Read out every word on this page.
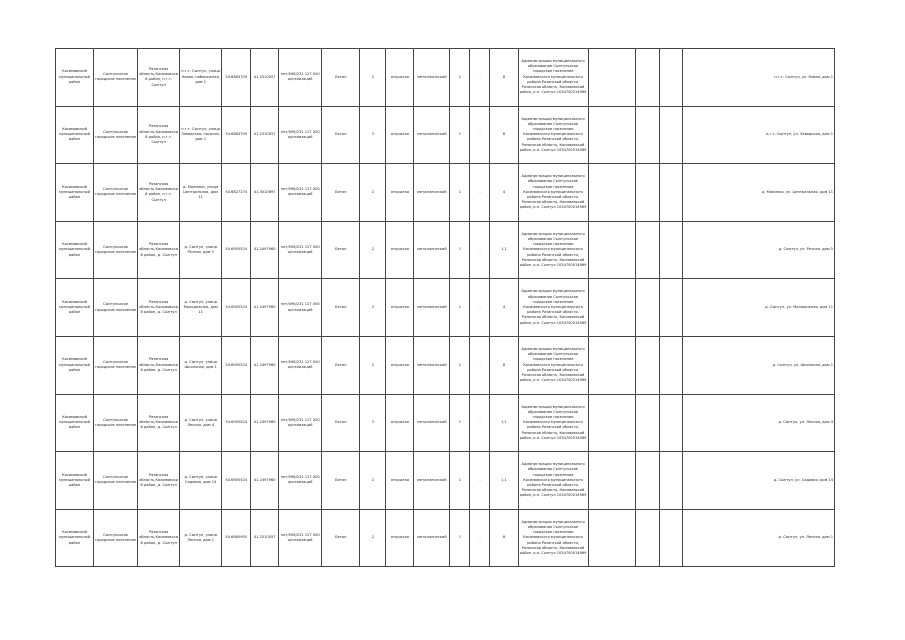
Касимовский муниципальный район	Сынтульское городское поселение	Рязанская область,Касимовский район, п.г.т. Сынтул	п.г.т. Сынтул, улица Новая, набережная, дом 1	54.6863709	41.2510057	нет/096/231 127 000 организаций	Бетон	2	открытая	металлический	1	-	8	Администрация муниципального образования Сынтульское городское поселение Касимовского муниципального района Рязанской области, Рязанская область, Касимовский район, р.п. Сынтул 1034700014969				п.г.т. Сынтул, ул. Новая, дом 1
Касимовский муниципальный район	Сынтульское городское поселение	Рязанская область,Касимовский район, п.г.т. Сынтул	п.г.т. Сынтул, улица Заводская, поселок, дом 1	54.6863709	41.2510057	нет/096/231 127 000 организаций	Бетон	2	открытая	металлический	1	-	8	Администрация муниципального образования Сынтульское городское поселение Касимовского муниципального района Рязанской области, Рязанская область, Касимовский район, р.п. Сынтул 1034700014969				п.г.т. Сынтул, ул. Заводская, дом 1
Касимовский муниципальный район	Сынтульское городское поселение	Рязанская область,Касимовский район, п.г.т. Сынтул	д. Малинки, улица Центральная, дом 11	54.6827274	41.3010897	нет/096/231 127 000 организаций	Бетон	2	открытая	металлический	1	-	4	Администрация муниципального образования Сынтульское городское поселение Касимовского муниципального района Рязанской области, Рязанская область, Касимовский район, р.п. Сынтул 1034700014969				д. Малинки, ул. Центральная, дом 11
Касимовский муниципальный район	Сынтульское городское поселение	Рязанская область,Касимовский район, д. Сынтул	д. Сынтул, улица Речная, дом 5	54.6905524	41.2497960	нет/096/231 127 000 организаций	Бетон	2	открытая	металлический	1	-	1,1	Администрация муниципального образования Сынтульское городское поселение Касимовского муниципального района Рязанской области, Рязанская область, Касимовский район, р.п. Сынтул 1034700014969				д. Сынтул, ул. Речная, дом 5
Касимовский муниципальный район	Сынтульское городское поселение	Рязанская область,Касимовский район, д. Сынтул	д. Сынтул, улица Молодежная, дом 11	54.6905524	41.2497960	нет/096/231 127 000 организаций	Бетон	2	открытая	металлический	1	-	4	Администрация муниципального образования Сынтульское городское поселение Касимовского муниципального района Рязанской области, Рязанская область, Касимовский район, р.п. Сынтул 1034700014969				д. Сынтул, ул. Молодежная, дом 11
Касимовский муниципальный район	Сынтульское городское поселение	Рязанская область,Касимовский район, д. Сынтул	д. Сынтул, улица Школьная, дом 1	54.6905524	41.2497960	нет/096/231 127 000 организаций	Бетон	2	открытая	металлический	1	-	8	Администрация муниципального образования Сынтульское городское поселение Касимовского муниципального района Рязанской области, Рязанская область, Касимовский район, р.п. Сынтул 1034700014969				д. Сынтул, ул. Школьная, дом 1
Касимовский муниципальный район	Сынтульское городское поселение	Рязанская область,Касимовский район, д. Сынтул	д. Сынтул, улица Лесная, дом 4	54.6905524	41.2497960	нет/096/231 127 000 организаций	Бетон	2	открытая	металлический	1	-	1,1	Администрация муниципального образования Сынтульское городское поселение Касимовского муниципального района Рязанской области, Рязанская область, Касимовский район, р.п. Сынтул 1034700014969				д. Сынтул, ул. Лесная, дом 4
Касимовский муниципальный район	Сынтульское городское поселение	Рязанская область,Касимовский район, д. Сынтул	д. Сынтул, улица Садовая, дом 14	54.6905524	41.2497960	нет/096/231 127 000 организаций	Бетон	2	открытая	металлический	1	-	1,1	Администрация муниципального образования Сынтульское городское поселение Касимовского муниципального района Рязанской области, Рязанская область, Касимовский район, р.п. Сынтул 1034700014969				д. Сынтул, ул. Садовая, дом 14
Касимовский муниципальный район	Сынтульское городское поселение	Рязанская область,Касимовский район, д. Сынтул	д. Сынтул, улица Лесная, дом 1	54.6865955	41.2510057	нет/096/231 127 000 организаций	Бетон	2	открытая	металлический	1	-	8	Администрация муниципального образования Сынтульское городское поселение Касимовского муниципального района Рязанской области, Рязанская область, Касимовский район, р.п. Сынтул 1034700014969				д. Сынтул, ул. Лесная, дом 1
